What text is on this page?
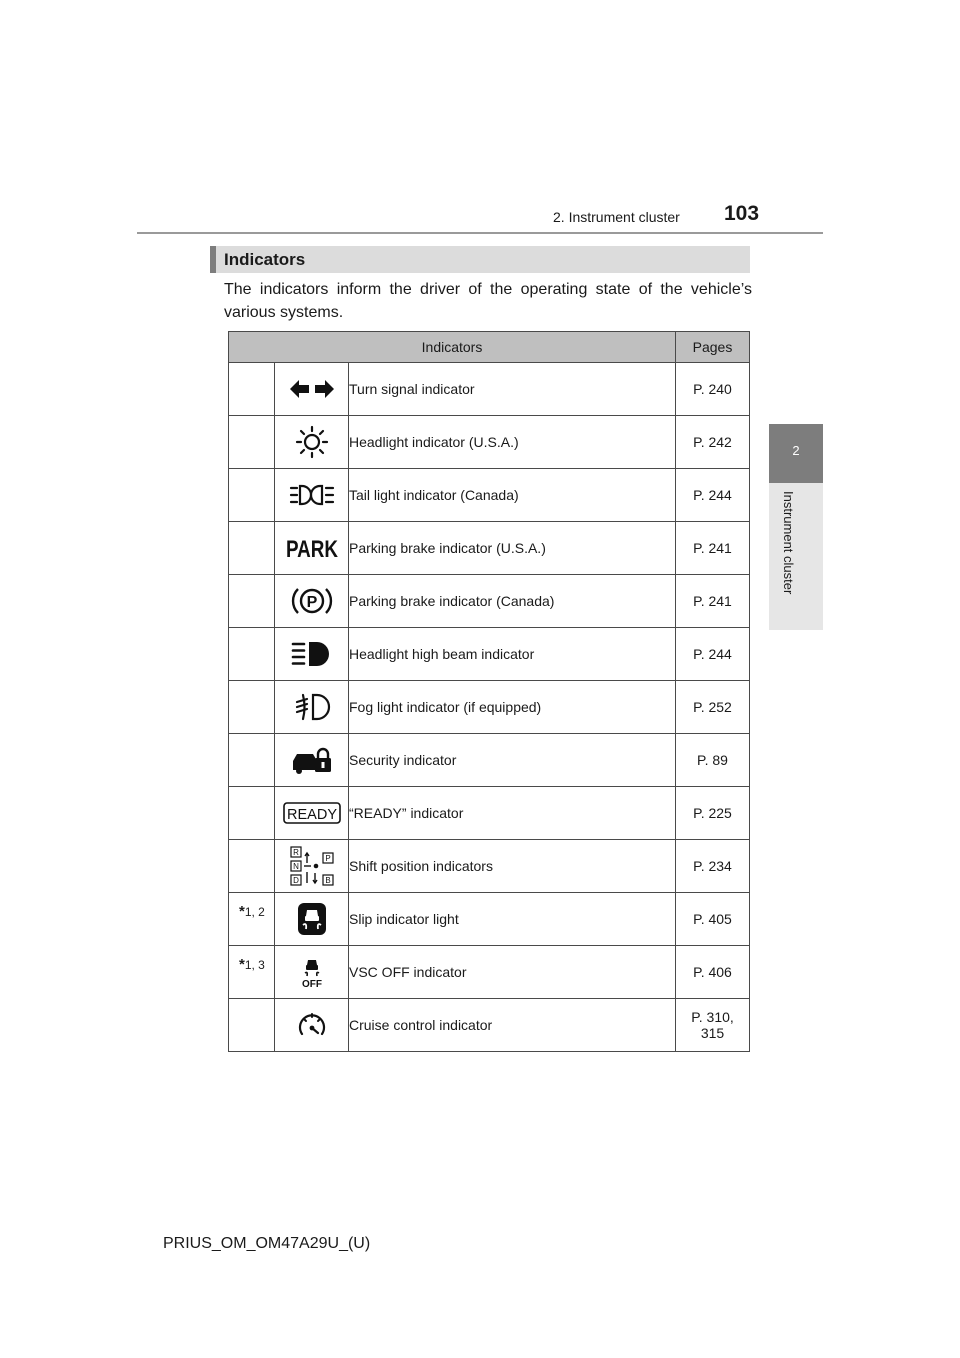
2. Instrument cluster 103
2
Instrument cluster
Indicators
The indicators inform the driver of the operating state of the vehicle’s various systems.
Indicators			Pages

	Turn signal indicator	P. 240

	Headlight indicator (U.S.A.)	P. 242

	Tail light indicator (Canada)	P. 244

PARK	Parking brake indicator (U.S.A.)	P. 241

P	Parking brake indicator (Canada)	P. 241

	Headlight high beam indicator	P. 244

	Fog light indicator (if equipped)	P. 252

	Security indicator	P. 89

READY	“READY” indicator	P. 225

R
N
D
P
B	Shift position indicators	P. 234
*1, 2		Slip indicator light	P. 405
*1, 3	OFF	VSC OFF indicator	P. 406

	Cruise control indicator	P. 310,
315
PRIUS_OM_OM47A29U_(U)
